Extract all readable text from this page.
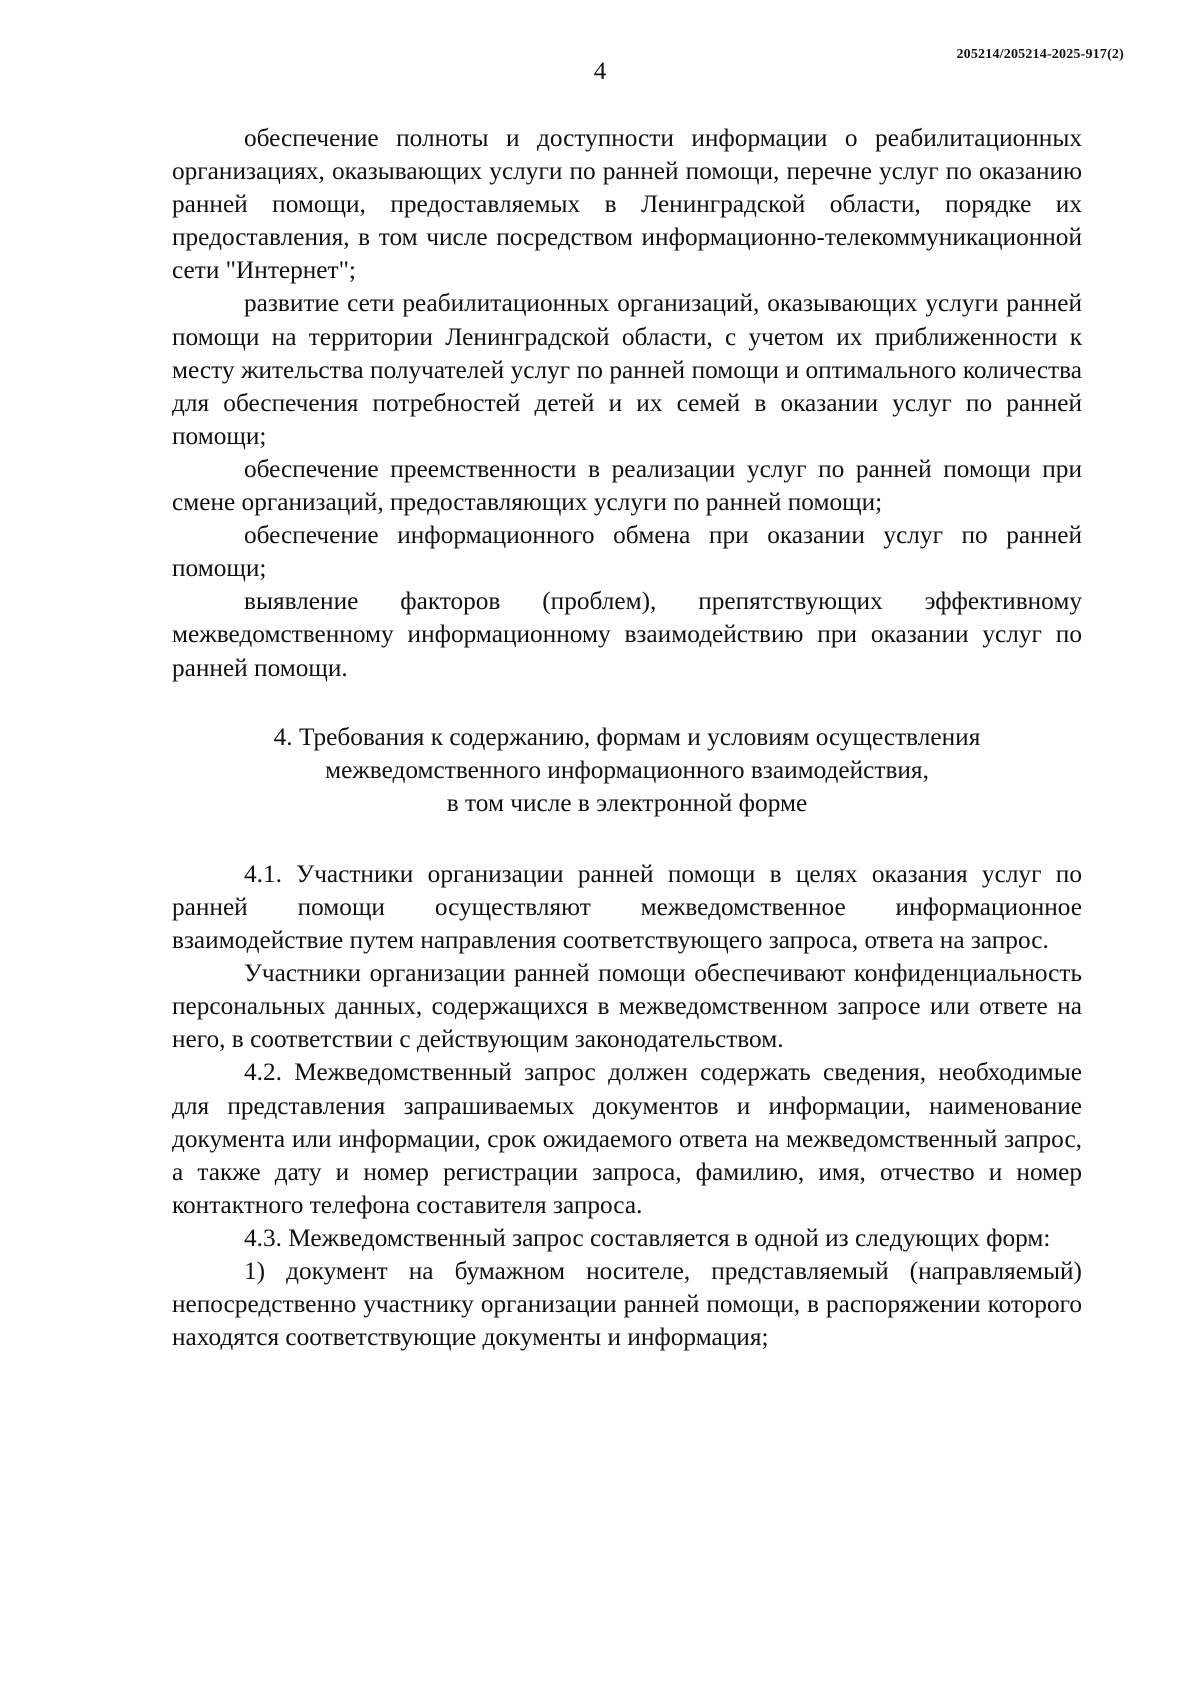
205214/205214-2025-917(2)
4

обеспечение полноты и доступности информации о реабилитационных организациях, оказывающих услуги по ранней помощи, перечне услуг по оказанию ранней помощи, предоставляемых в Ленинградской области, порядке их предоставления, в том числе посредством информационно-телекоммуникационной сети "Интернет";

развитие сети реабилитационных организаций, оказывающих услуги ранней помощи на территории Ленинградской области, с учетом их приближенности к месту жительства получателей услуг по ранней помощи и оптимального количества для обеспечения потребностей детей и их семей в оказании услуг по ранней помощи;

обеспечение преемственности в реализации услуг по ранней помощи при смене организаций, предоставляющих услуги по ранней помощи;

обеспечение информационного обмена при оказании услуг по ранней помощи;

выявление факторов (проблем), препятствующих эффективному межведомственному информационному взаимодействию при оказании услуг по ранней помощи.

4. Требования к содержанию, формам и условиям осуществления
межведомственного информационного взаимодействия,
в том числе в электронной форме

4.1. Участники организации ранней помощи в целях оказания услуг по ранней помощи осуществляют межведомственное информационное взаимодействие путем направления соответствующего запроса, ответа на запрос.

Участники организации ранней помощи обеспечивают конфиденциальность персональных данных, содержащихся в межведомственном запросе или ответе на него, в соответствии с действующим законодательством.

4.2. Межведомственный запрос должен содержать сведения, необходимые для представления запрашиваемых документов и информации, наименование документа или информации, срок ожидаемого ответа на межведомственный запрос, а также дату и номер регистрации запроса, фамилию, имя, отчество и номер контактного телефона составителя запроса.

4.3. Межведомственный запрос составляется в одной из следующих форм:

1) документ на бумажном носителе, представляемый (направляемый) непосредственно участнику организации ранней помощи, в распоряжении которого находятся соответствующие документы и информация;
